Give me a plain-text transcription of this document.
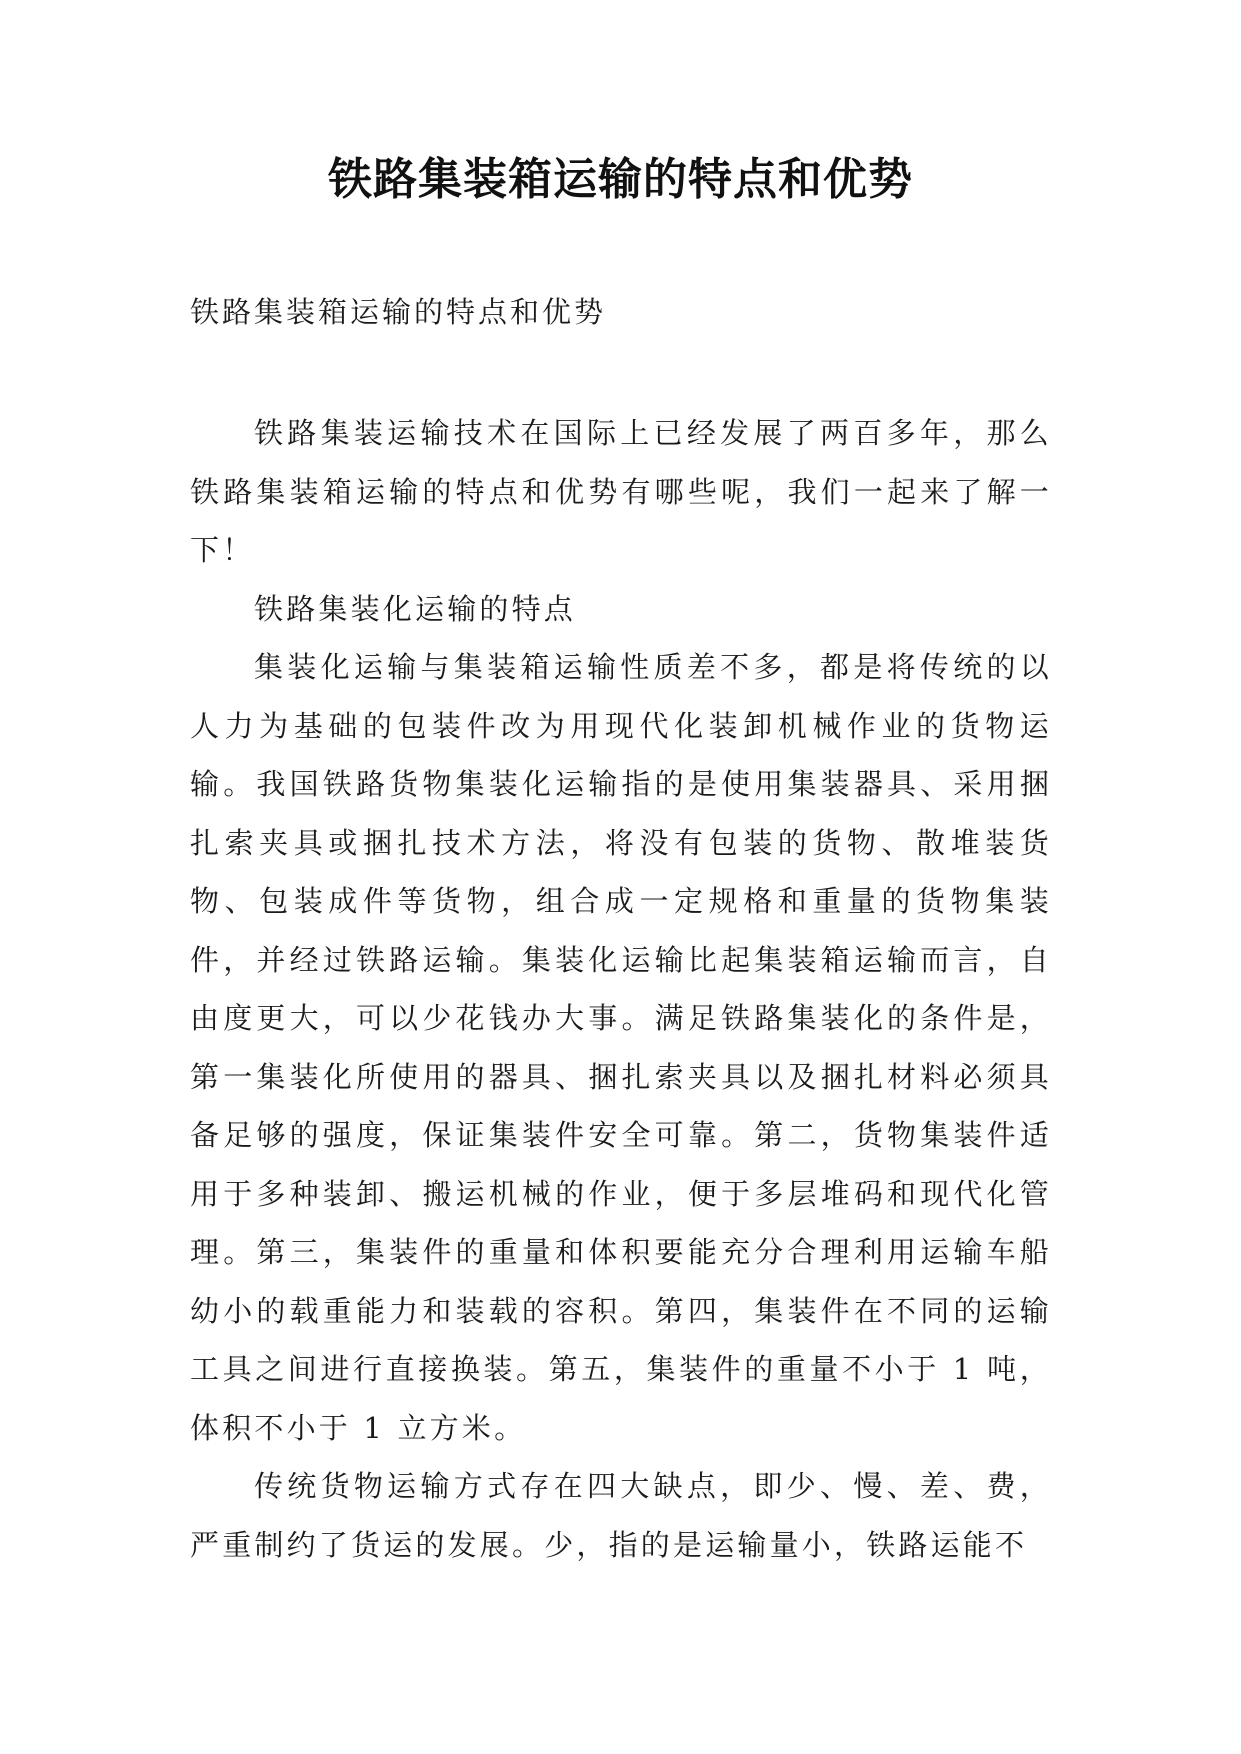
铁路集装箱运输的特点和优势
铁路集装箱运输的特点和优势

铁路集装运输技术在国际上已经发展了两百多年，那么铁路集装箱运输的特点和优势有哪些呢，我们一起来了解一下！

铁路集装化运输的特点

集装化运输与集装箱运输性质差不多，都是将传统的以人力为基础的包装件改为用现代化装卸机械作业的货物运输。我国铁路货物集装化运输指的是使用集装器具、采用捆扎索夹具或捆扎技术方法，将没有包装的货物、散堆装货物、包装成件等货物，组合成一定规格和重量的货物集装件，并经过铁路运输。集装化运输比起集装箱运输而言，自由度更大，可以少花钱办大事。满足铁路集装化的条件是，第一集装化所使用的器具、捆扎索夹具以及捆扎材料必须具备足够的强度，保证集装件安全可靠。第二，货物集装件适用于多种装卸、搬运机械的作业，便于多层堆码和现代化管理。第三，集装件的重量和体积要能充分合理利用运输车船幼小的载重能力和装载的容积。第四，集装件在不同的运输工具之间进行直接换装。第五，集装件的重量不小于 1 吨，体积不小于 1 立方米。

传统货物运输方式存在四大缺点，即少、慢、差、费，严重制约了货运的发展。少，指的是运输量小，铁路运能不
